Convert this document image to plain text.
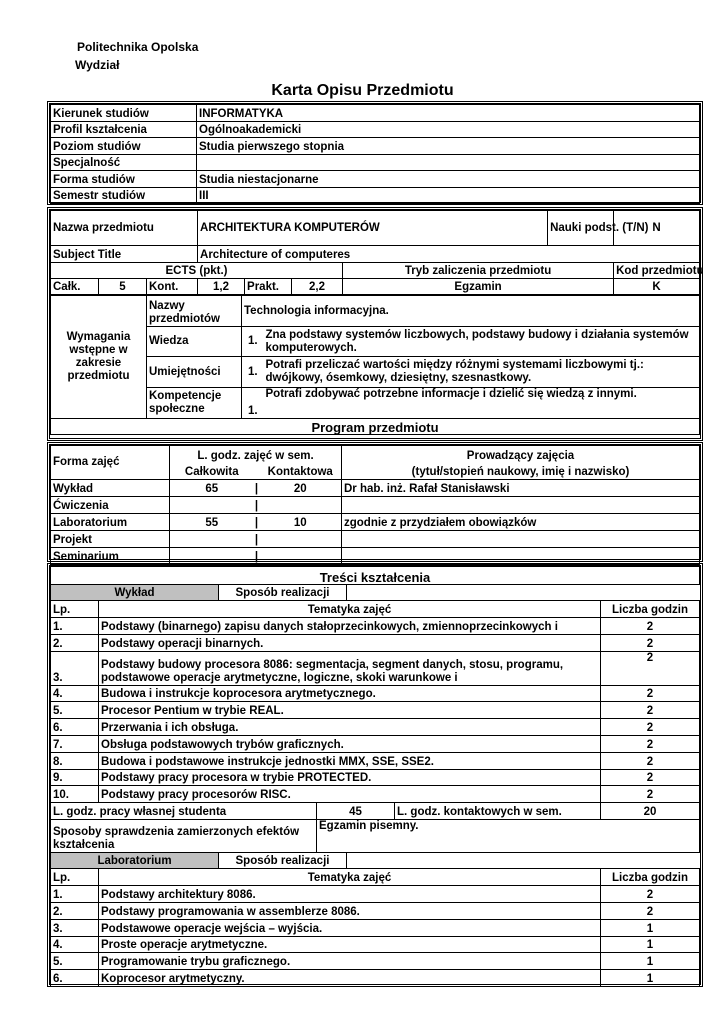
Politechnika Opolska
Wydział
Karta Opisu Przedmiotu
Kierunek studiów	INFORMATYKA
Profil kształcenia	Ogólnoakademicki
Poziom studiów	Studia pierwszego stopnia
Specjalność	
Forma studiów	Studia niestacjonarne
Semestr studiów	III
Nazwa przedmiotu			ARCHITEKTURA KOMPUTERÓW				Nauki podst. (T/N)	N
Subject Title			Architecture of computeres					
ECTS (pkt.)						Tryb zaliczenia przedmiotu		Kod przedmiotu
Całk.	5	Kont.	1,2	Prakt.	2,2	Egzamin		K
Wymagania wstępne w zakresie przedmiotu	Nazwy przedmiotów	Technologia informacyjna.	
	Wiedza	1.	Zna podstawy systemów liczbowych, podstawy budowy i działania systemów komputerowych.
	Umiejętności	1.	Potrafi przeliczać wartości między różnymi systemami liczbowymi tj.: dwójkowy, ósemkowy, dziesiętny, szesnastkowy.
	Kompetencje społeczne	1.	Potrafi zdobywać potrzebne informacje i dzielić się wiedzą z innymi.
Program przedmiotu			
Forma zajęć	L. godz. zajęć w sem.			Prowadzący zajęcia
	Całkowita		Kontaktowa	(tytuł/stopień naukowy, imię i nazwisko)
Wykład	65	|	20	Dr hab. inż. Rafał Stanisławski
Ćwiczenia		|		
Laboratorium	55	|	10	zgodnie z przydziałem obowiązków
Projekt		|		
Seminarium		|		
Treści kształcenia						
Wykład		Sposób realizacji				
Lp.	Tematyka zajęć					Liczba godzin
1.	Podstawy (binarnego) zapisu danych stałoprzecinkowych, zmiennoprzecinkowych i					2
2.	Podstawy operacji binarnych.					2
3.	Podstawy budowy procesora 8086: segmentacja, segment danych, stosu, programu, podstawowe operacje arytmetyczne, logiczne, skoki warunkowe i					2
4.	Budowa i instrukcje koprocesora arytmetycznego.					2
5.	Procesor Pentium w trybie REAL.					2
6.	Przerwania i ich obsługa.					2
7.	Obsługa podstawowych trybów graficznych.					2
8.	Budowa i podstawowe instrukcje jednostki MMX, SSE, SSE2.					2
9.	Podstawy pracy procesora w trybie PROTECTED.					2
10.	Podstawy pracy procesorów RISC.					2
L. godz. pracy własnej studenta			45		L. godz. kontaktowych w sem.	20
Sposoby sprawdzenia zamierzonych efektów kształcenia			Egzamin pisemny.			
Laboratorium		Sposób realizacji				
Lp.	Tematyka zajęć					Liczba godzin
1.	Podstawy architektury 8086.					2
2.	Podstawy programowania w assemblerze 8086.					2
3.	Podstawowe operacje wejścia – wyjścia.					1
4.	Proste operacje arytmetyczne.					1
5.	Programowanie trybu graficznego.					1
6.	Koprocesor arytmetyczny.					1
